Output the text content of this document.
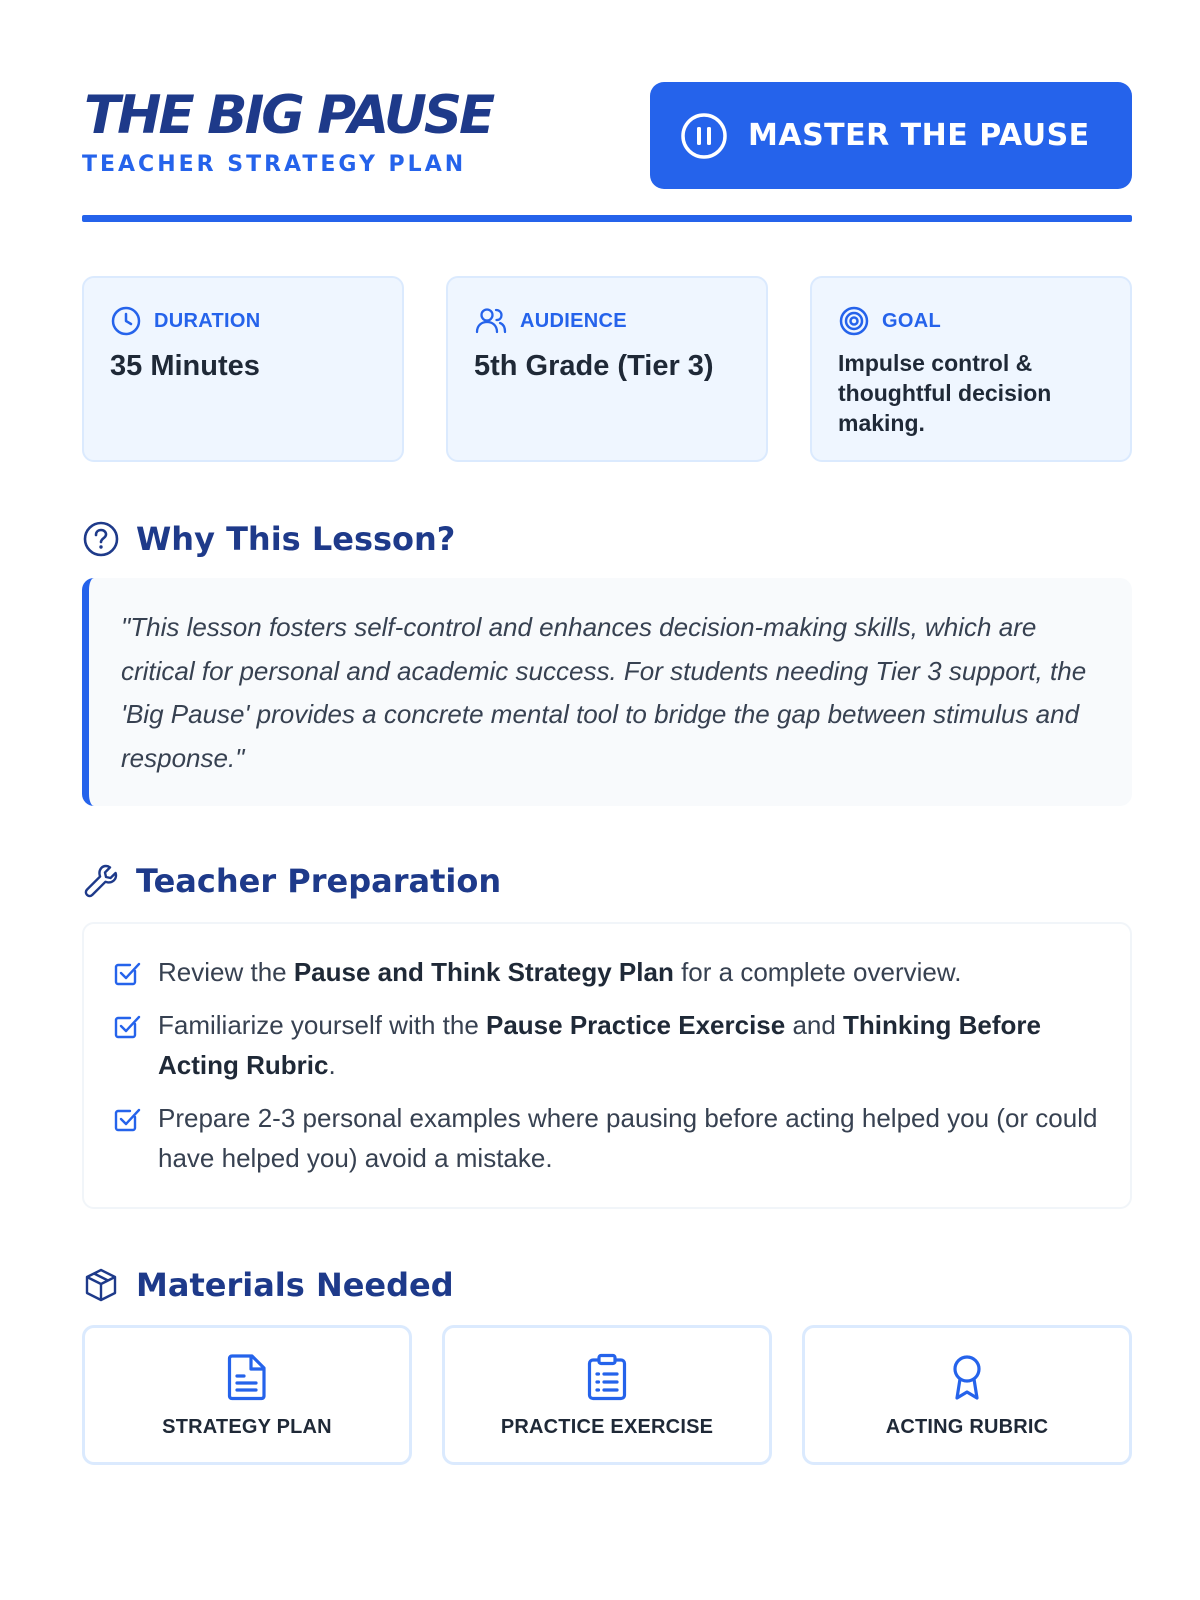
THE BIG PAUSE
TEACHER STRATEGY PLAN
MASTER THE PAUSE
DURATION
35 Minutes
AUDIENCE
5th Grade (Tier 3)
GOAL
Impulse control & thoughtful decision making.
Why This Lesson?
"This lesson fosters self-control and enhances decision-making skills, which are critical for personal and academic success. For students needing Tier 3 support, the 'Big Pause' provides a concrete mental tool to bridge the gap between stimulus and response."
Teacher Preparation
Review the Pause and Think Strategy Plan for a complete overview.
Familiarize yourself with the Pause Practice Exercise and Thinking Before Acting Rubric.
Prepare 2-3 personal examples where pausing before acting helped you (or could have helped you) avoid a mistake.
Materials Needed
STRATEGY PLAN	PRACTICE EXERCISE	ACTING RUBRIC
